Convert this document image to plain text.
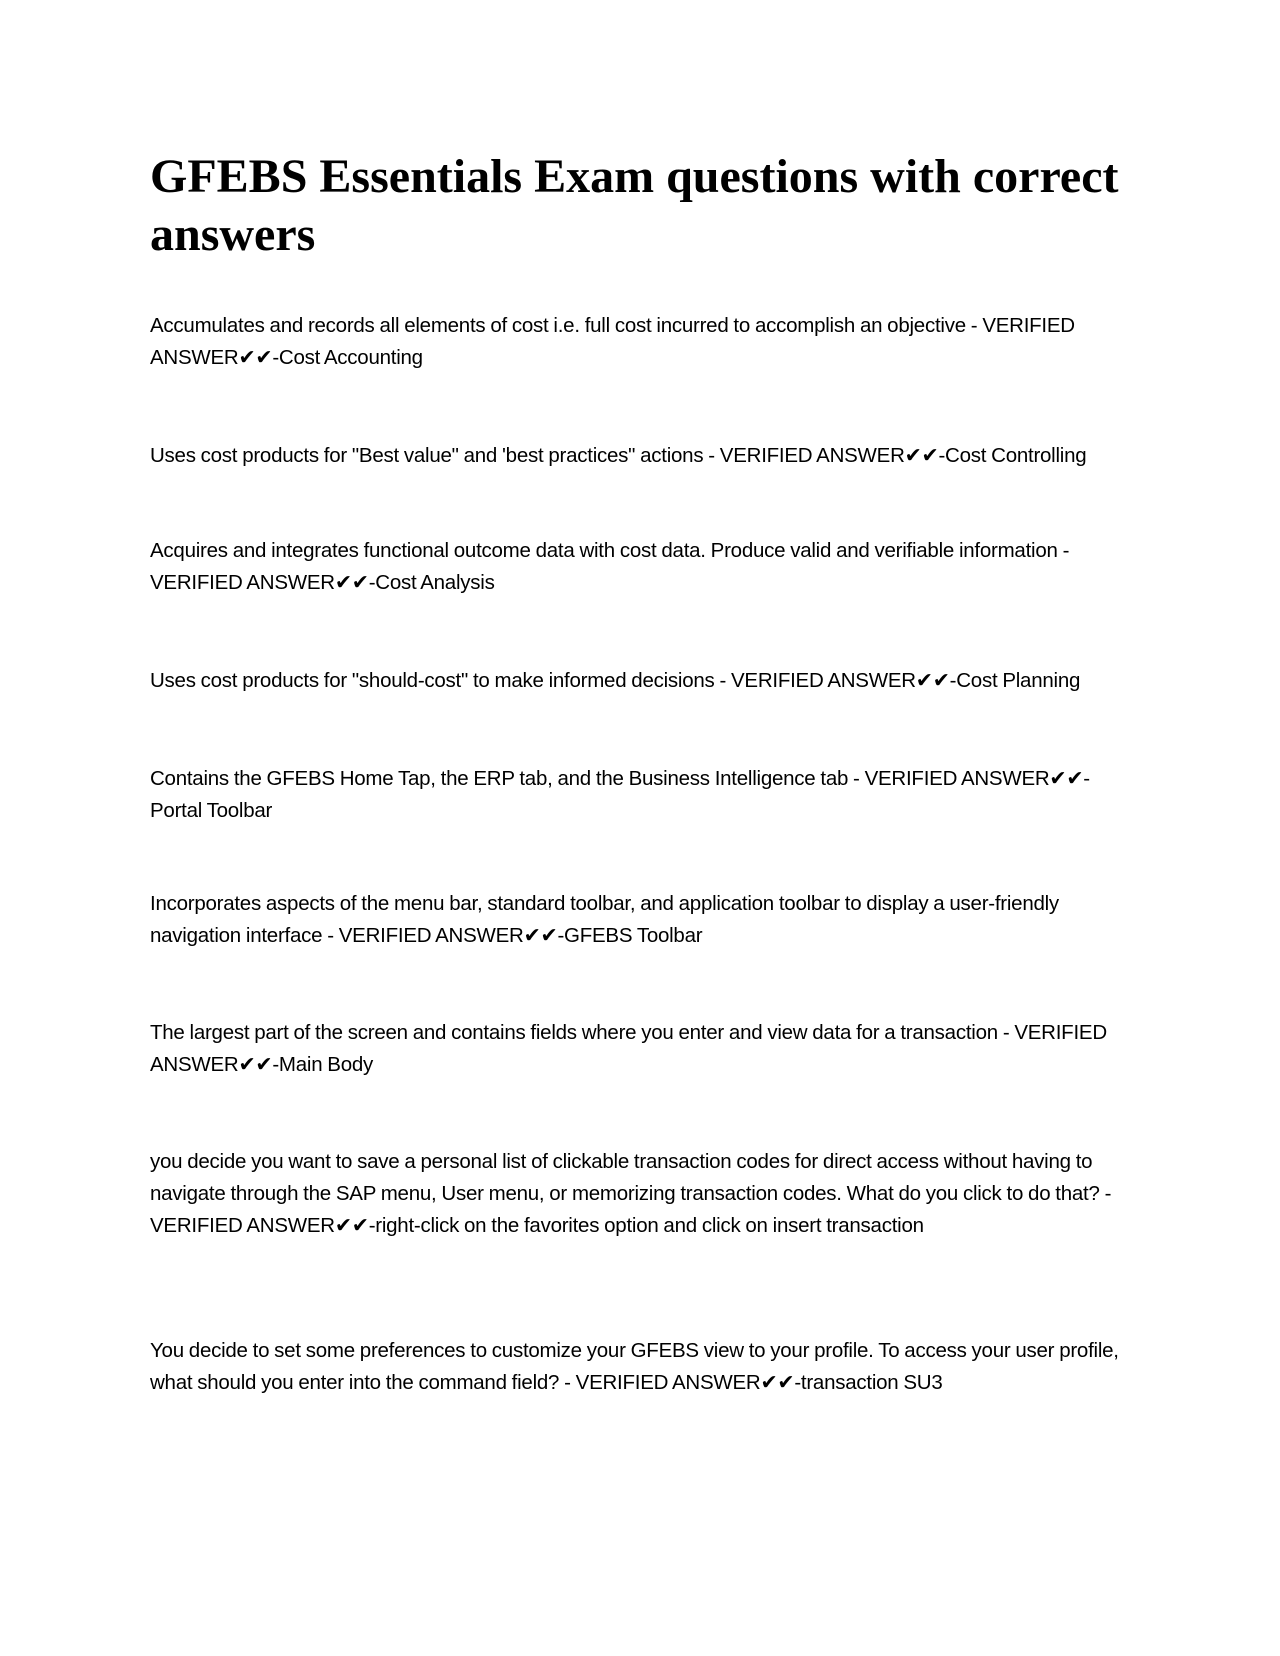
GFEBS Essentials Exam questions with correct answers

Accumulates and records all elements of cost i.e. full cost incurred to accomplish an objective - VERIFIED ANSWER✔✔-Cost Accounting

Uses cost products for "Best value" and 'best practices" actions - VERIFIED ANSWER✔✔-Cost Controlling

Acquires and integrates functional outcome data with cost data. Produce valid and verifiable information - VERIFIED ANSWER✔✔-Cost Analysis

Uses cost products for "should-cost" to make informed decisions - VERIFIED ANSWER✔✔-Cost Planning

Contains the GFEBS Home Tap, the ERP tab, and the Business Intelligence tab - VERIFIED ANSWER✔✔-Portal Toolbar

Incorporates aspects of the menu bar, standard toolbar, and application toolbar to display a user-friendly navigation interface - VERIFIED ANSWER✔✔-GFEBS Toolbar

The largest part of the screen and contains fields where you enter and view data for a transaction - VERIFIED ANSWER✔✔-Main Body

you decide you want to save a personal list of clickable transaction codes for direct access without having to navigate through the SAP menu, User menu, or memorizing transaction codes. What do you click to do that? - VERIFIED ANSWER✔✔-right-click on the favorites option and click on insert transaction

You decide to set some preferences to customize your GFEBS view to your profile. To access your user profile, what should you enter into the command field? - VERIFIED ANSWER✔✔-transaction SU3
